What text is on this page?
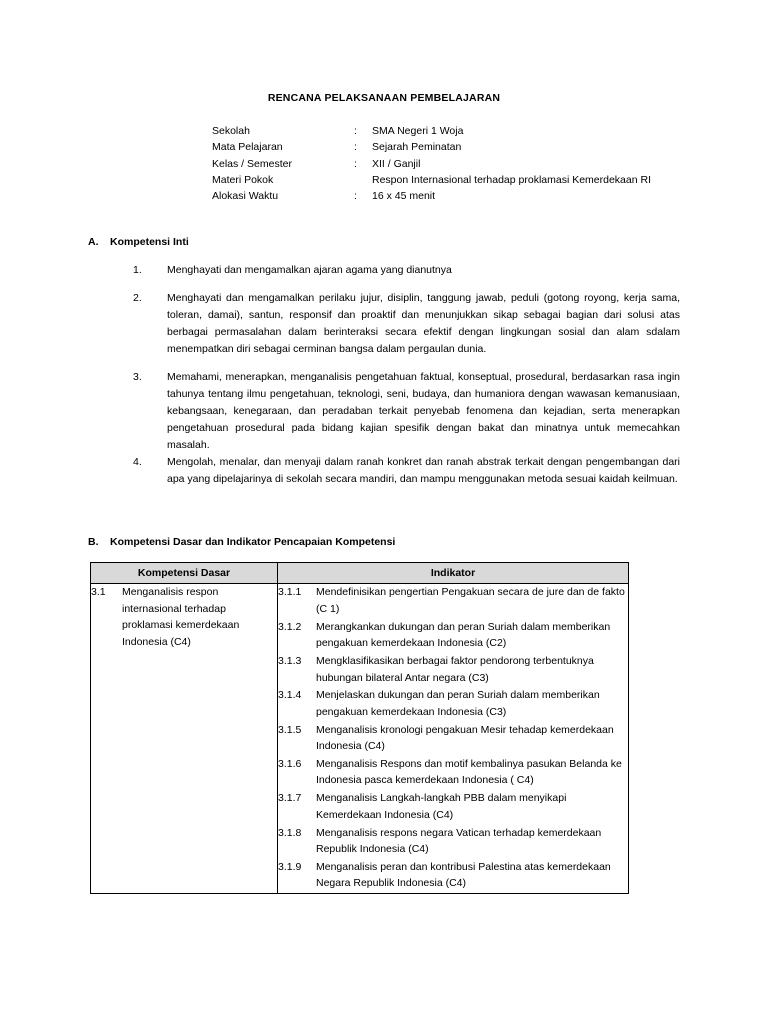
RENCANA PELAKSANAAN PEMBELAJARAN
Sekolah	:	SMA Negeri 1 Woja
Mata Pelajaran	:	Sejarah Peminatan
Kelas / Semester	:	XII / Ganjil
Materi Pokok	Respon Internasional terhadap proklamasi Kemerdekaan RI
Alokasi Waktu	:	16 x 45 menit
A.	Kompetensi Inti
1.	Menghayati dan mengamalkan ajaran agama yang dianutnya
2.	Menghayati dan mengamalkan perilaku jujur, disiplin, tanggung jawab, peduli (gotong royong, kerja sama, toleran, damai), santun, responsif dan proaktif dan menunjukkan sikap sebagai bagian dari solusi atas berbagai permasalahan dalam berinteraksi secara efektif dengan lingkungan sosial dan alam sdalam menempatkan diri sebagai cerminan bangsa dalam pergaulan dunia.
3.	Memahami, menerapkan, menganalisis pengetahuan faktual, konseptual, prosedural, berdasarkan rasa ingin tahunya tentang ilmu pengetahuan, teknologi, seni, budaya, dan humaniora dengan wawasan kemanusiaan, kebangsaan, kenegaraan, dan peradaban terkait penyebab fenomena dan kejadian, serta menerapkan pengetahuan prosedural pada bidang kajian spesifik dengan bakat dan minatnya untuk memecahkan masalah.
4.	Mengolah, menalar, dan menyaji dalam ranah konkret dan ranah abstrak terkait dengan pengembangan dari apa yang dipelajarinya di sekolah secara mandiri, dan mampu menggunakan metoda sesuai kaidah keilmuan.
B.	Kompetensi Dasar dan Indikator Pencapaian Kompetensi
Kompetensi Dasar	Indikator

3.1	Menganalisis respon internasional terhadap proklamasi kemerdekaan Indonesia (C4)

3.1.1	Mendefinisikan pengertian Pengakuan secara de jure dan de fakto (C 1)
3.1.2	Merangkankan dukungan dan peran Suriah dalam memberikan pengakuan kemerdekaan Indonesia (C2)
3.1.3	Mengklasifikasikan berbagai faktor pendorong terbentuknya hubungan bilateral Antar negara (C3)
3.1.4	Menjelaskan dukungan dan peran Suriah dalam memberikan pengakuan kemerdekaan Indonesia (C3)
3.1.5	Menganalisis kronologi pengakuan Mesir tehadap kemerdekaan Indonesia (C4)
3.1.6	Menganalisis Respons dan motif kembalinya pasukan Belanda ke Indonesia pasca kemerdekaan Indonesia ( C4)
3.1.7	Menganalisis Langkah-langkah PBB dalam menyikapi Kemerdekaan Indonesia (C4)
3.1.8	Menganalisis respons negara Vatican terhadap kemerdekaan Republik Indonesia (C4)
3.1.9	Menganalisis peran dan kontribusi Palestina atas kemerdekaan Negara Republik Indonesia (C4)
